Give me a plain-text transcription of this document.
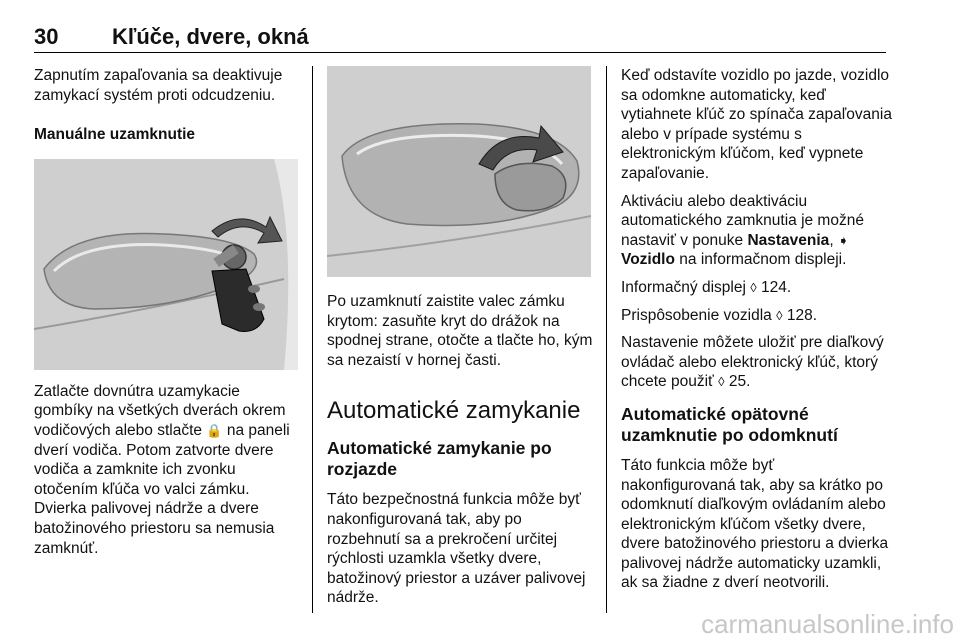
30 Kľúče, dvere, okná

Zapnutím zapaľovania sa deaktivuje zamykací systém proti odcudzeniu.

Manuálne uzamknutie

Zatlačte dovnútra uzamykacie gombíky na všetkých dverách okrem vodičových alebo stlačte 🔒 na paneli dverí vodiča. Potom zatvorte dvere vodiča a zamknite ich zvonku otočením kľúča vo valci zámku. Dvierka palivovej nádrže a dvere batožinového priestoru sa nemusia zamknúť.

Po uzamknutí zaistite valec zámku krytom: zasuňte kryt do drážok na spodnej strane, otočte a tlačte ho, kým sa nezaistí v hornej časti.

Automatické zamykanie

Automatické zamykanie po rozjazde

Táto bezpečnostná funkcia môže byť nakonfigurovaná tak, aby po rozbehnutí sa a prekročení určitej rýchlosti uzamkla všetky dvere, batožinový priestor a uzáver palivovej nádrže.

Keď odstavíte vozidlo po jazde, vozidlo sa odomkne automaticky, keď vytiahnete kľúč zo spínača zapaľovania alebo v prípade systému s elektronickým kľúčom, keď vypnete zapaľovanie.

Aktiváciu alebo deaktiváciu automatického zamknutia je možné nastaviť v ponuke Nastavenia, ➧ Vozidlo na informačnom displeji.

Informačný displej ◊ 124.

Prispôsobenie vozidla ◊ 128.

Nastavenie môžete uložiť pre diaľkový ovládač alebo elektronický kľúč, ktorý chcete použiť ◊ 25.

Automatické opätovné uzamknutie po odomknutí

Táto funkcia môže byť nakonfigurovaná tak, aby sa krátko po odomknutí diaľkovým ovládaním alebo elektronickým kľúčom všetky dvere, dvere batožinového priestoru a dvierka palivovej nádrže automaticky uzamkli, ak sa žiadne z dverí neotvorili.

carmanualsonline.info
